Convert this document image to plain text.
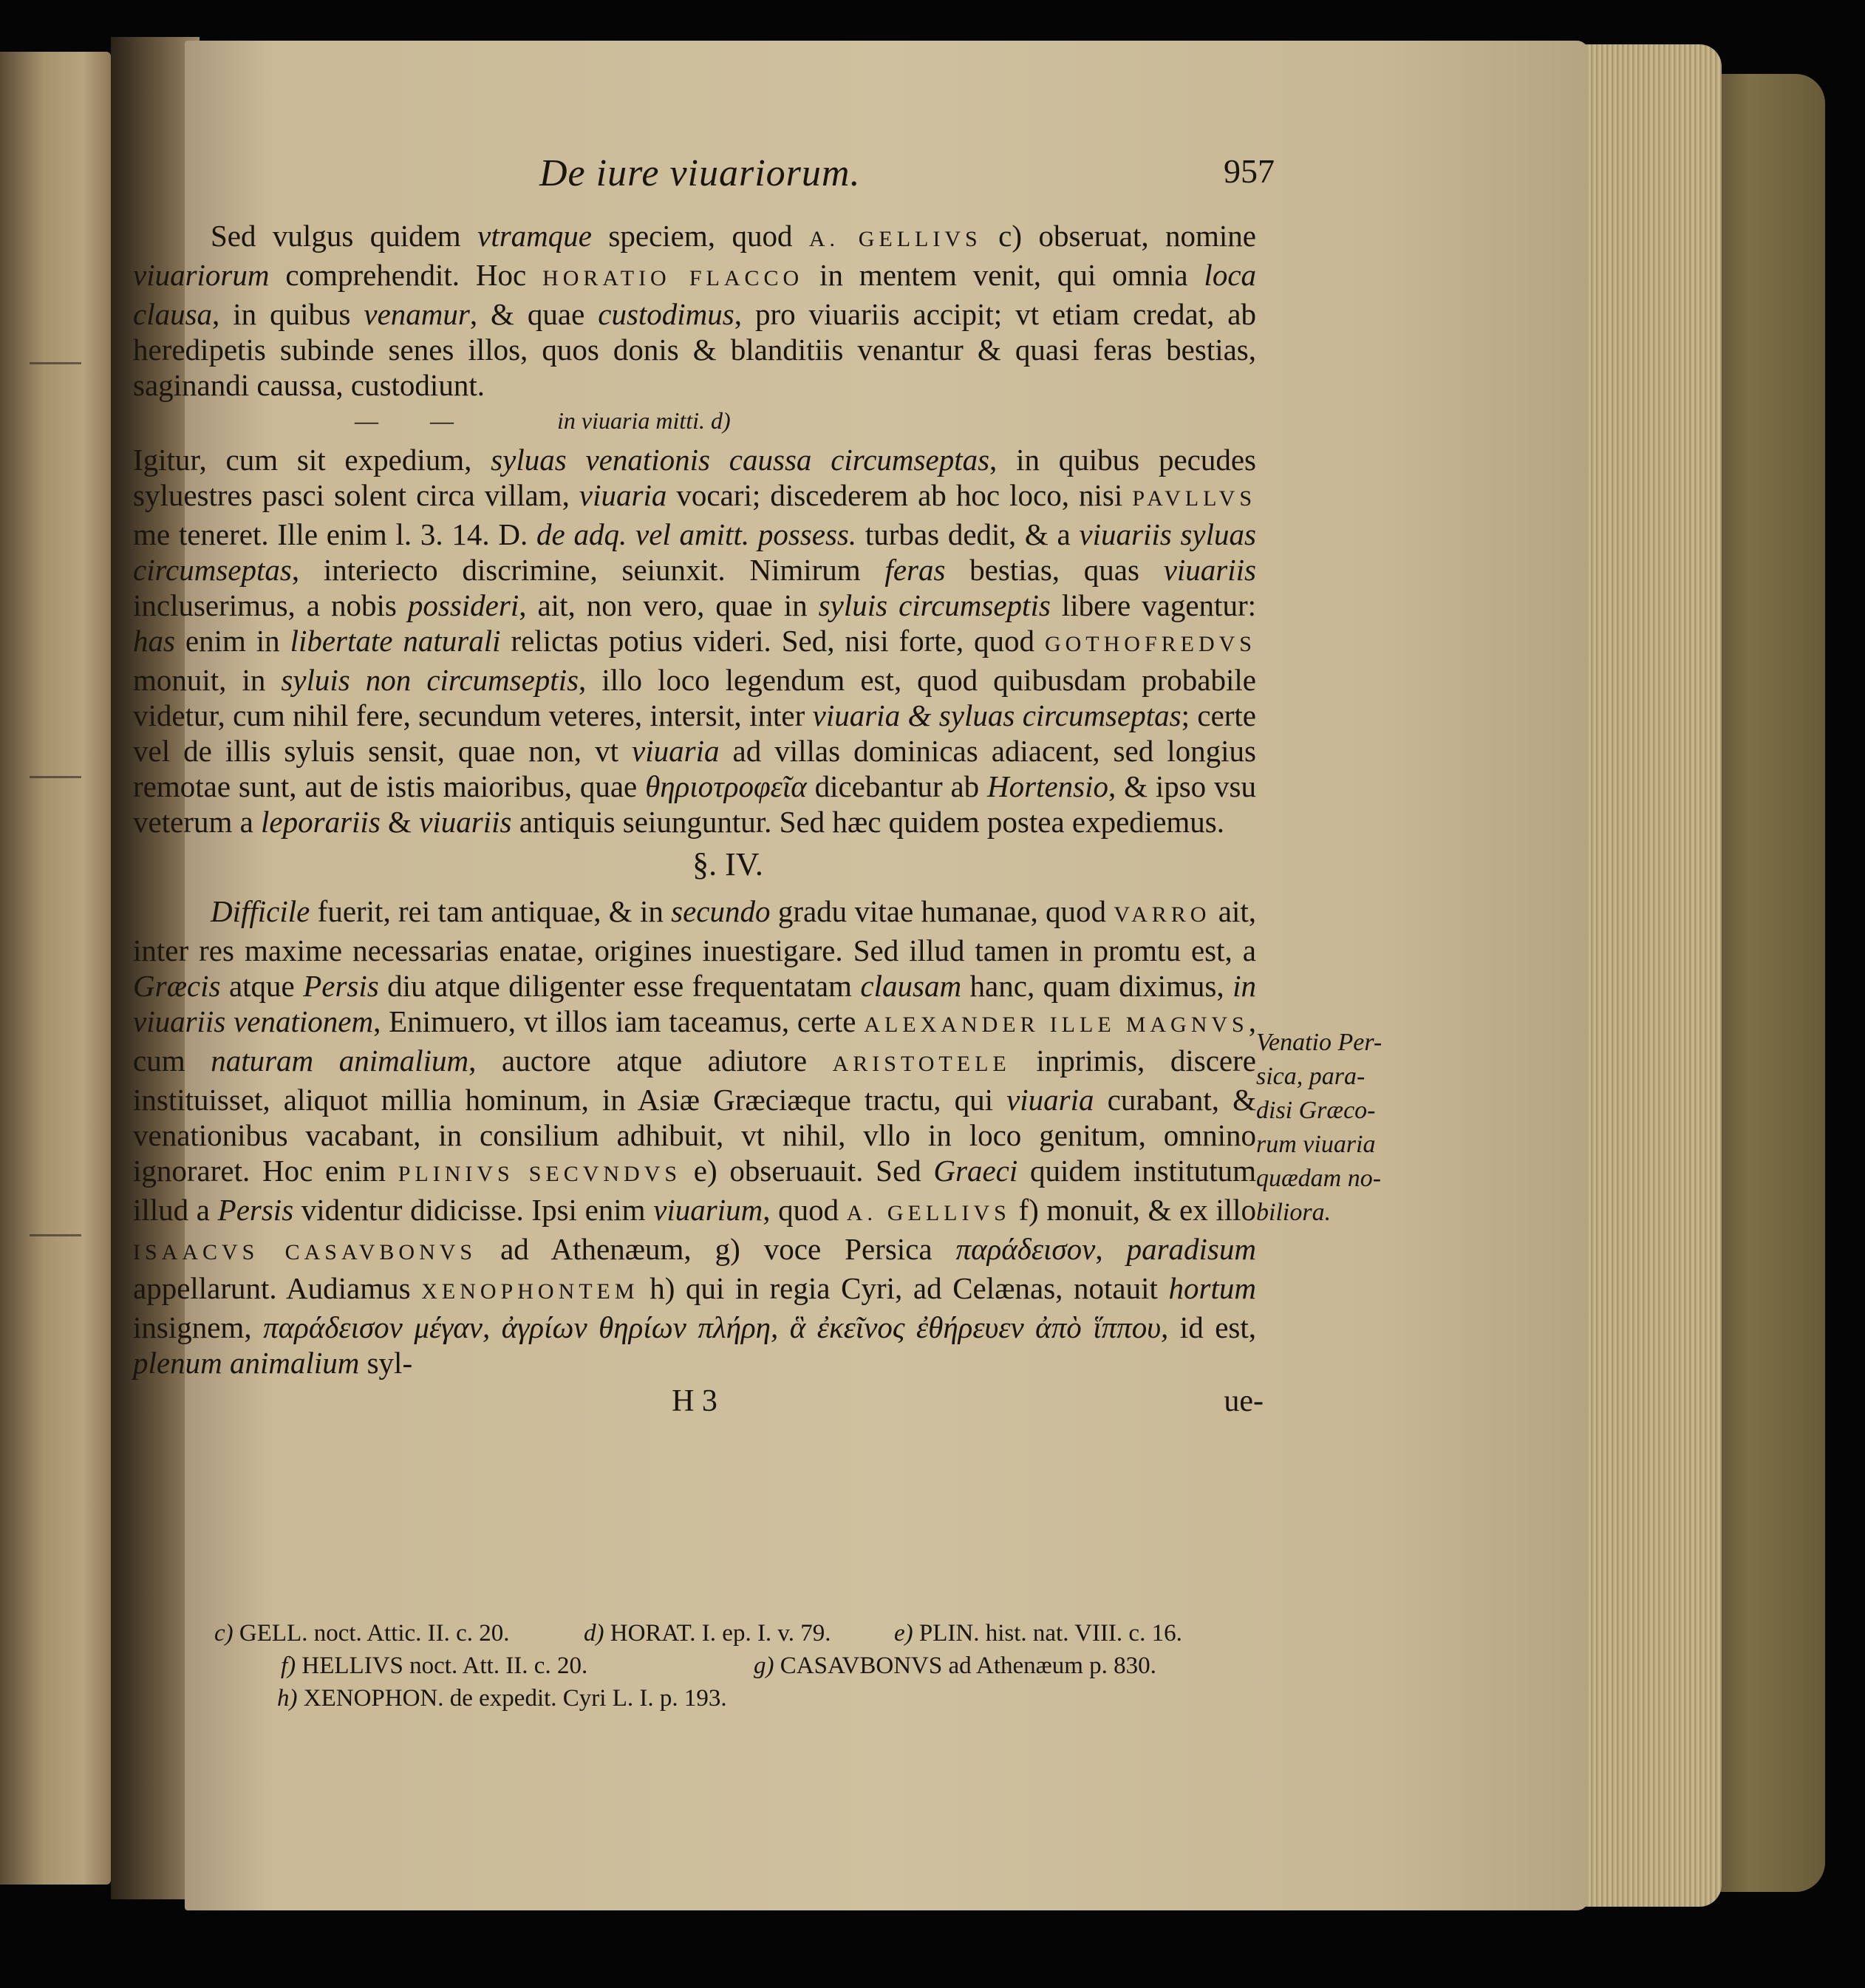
De iure viuariorum.	957

Sed vulgus quidem vtramque speciem, quod A. GELLIVS c) obseruat, nomine viuariorum comprehendit. Hoc HORATIO FLACCO in mentem venit, qui omnia loca clausa, in quibus venamur, & quae custodimus, pro viuariis accipit; vt etiam credat, ab heredipetis subinde senes illos, quos donis & blanditiis venantur & quasi feras bestias, saginandi caussa, custodiunt.

— —	in viuaria mitti. d)

Igitur, cum sit expedium, syluas venationis caussa circumseptas, in quibus pecudes syluestres pasci solent circa villam, viuaria vocari; discederem ab hoc loco, nisi PAVLLVS me teneret. Ille enim l. 3. 14. D. de adq. vel amitt. possess. turbas dedit, & a viuariis syluas circumseptas, interiecto discrimine, seiunxit. Nimirum feras bestias, quas viuariis incluserimus, a nobis possideri, ait, non vero, quae in syluis circumseptis libere vagentur: has enim in libertate naturali relictas potius videri. Sed, nisi forte, quod GOTHOFREDVS monuit, in syluis non circumseptis, illo loco legendum est, quod quibusdam probabile videtur, cum nihil fere, secundum veteres, intersit, inter viuaria & syluas circumseptas; certe vel de illis syluis sensit, quae non, vt viuaria ad villas dominicas adiacent, sed longius remotae sunt, aut de istis maioribus, quae θηριοτροφεῖα dicebantur ab Hortensio, & ipso vsu veterum a leporariis & viuariis antiquis seiunguntur. Sed hæc quidem postea expediemus.

§. IV.

Difficile fuerit, rei tam antiquae, & in secundo gradu vitae humanae, quod VARRO ait, inter res maxime necessarias enatae, origines inuestigare. Sed illud tamen in promtu est, a Græcis atque Persis diu atque diligenter esse frequentatam clausam hanc, quam diximus, in viuariis venationem, Enimuero, vt illos iam taceamus, certe ALEXANDER ILLE MAGNVS, cum naturam animalium, auctore atque adiutore ARISTOTELE inprimis, discere instituisset, aliquot millia hominum, in Asiæ Græciæque tractu, qui viuaria curabant, & venationibus vacabant, in consilium adhibuit, vt nihil, vllo in loco genitum, omnino ignoraret. Hoc enim PLINIVS SECVNDVS e) obseruauit. Sed Graeci quidem institutum illud a Persis videntur didicisse. Ipsi enim viuarium, quod A. GELLIVS f) monuit, & ex illo ISAACVS CASAVBONVS ad Athenæum, g) voce Persica παράδεισον, paradisum appellarunt. Audiamus XENOPHONTEM h) qui in regia Cyri, ad Celænas, notauit hortum insignem, παράδεισον μέγαν, ἀγρίων θηρίων πλήρη, ἃ ἐκεῖνος ἐθήρευεν ἀπὸ ἵππου, id est, plenum animalium syl-

H 3	ue-
Venatio Per-
sica, para-
disi Græco-
rum viuaria
quædam no-
biliora.
c) GELL. noct. Attic. II. c. 20.	d) HORAT. I. ep. I. v. 79.	e) PLIN. hist. nat. VIII. c. 16.
f) HELLIVS noct. Att. II. c. 20.	g) CASAVBONVS ad Athenæum p. 830.
h) XENOPHON. de expedit. Cyri L. I. p. 193.
